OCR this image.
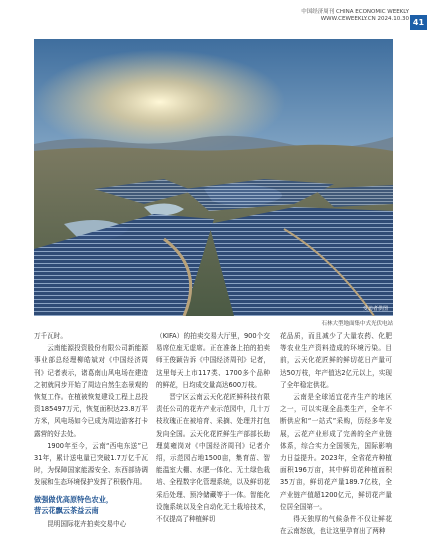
中国经济周刊 CHINA ECONOMIC WEEKLY
WWW.CEWEEKLY.CN 2024.10.30 41
受访者供图
石林大型地面集中式光伏电站

万千瓦时。

云南能源投资股份有限公司新能源事业部总经理柳皓斌对《中国经济周刊》记者表示，诸葛南山风电场在建造之初就同步开始了周边自然生态景观的恢复工作。在植被恢复建设工程上总投资185497万元，恢复面积达23.8万平方米，风电场如今已成为周边游客打卡露营的好去处。

1900年至今，云南“西电东送”已31年，累计送电量已突破1.7万亿千瓦时，为保障国家能源安全、东西部协调发展和生态环境保护发挥了积极作用。

做强做优高原特色农业，
营云花飘云茶益云南

昆明国际花卉拍卖交易中心

（KIFA）的拍卖交易大厅里，900个交易席位座无虚席。正在准备上拍的拍卖师王俊颖告诉《中国经济周刊》记者，这里每天上市117类、1700多个品种的鲜花，日均成交量高达600万枝。

晋宁区云南云天化花匠鲜科技有限责任公司的花卉产业示范园中，几十万枝玫瑰正在被培育、采摘、处理并打包发向全国。云天化花匠鲜生产部部长助理莫雍岗对《中国经济周刊》记者介绍，示范园占地1500亩，集育苗、智能温室大棚、水肥一体化、无土绿色栽培、全程数字化管理系统，以及鲜切花采后处理、预冷储藏等于一体。智能化设施系统以及全自动化无土栽培技术，不仅提高了种植鲜切

花品质，而且减少了大量农药、化肥等农业生产资料造成的环境污染。目前，云天化花匠鲜的鲜切花日产量可达50万枝，年产值达2亿元以上，实现了全年稳定供花。

云南是全球适宜花卉生产的地区之一，可以实现全品类生产，全年不断供应和“一站式”采购，历经多年发展，云花产业形成了完善的全产业链体系，综合实力全国领先，国际影响力日益提升。2023年，全省花卉种植面积196万亩，其中鲜切花种植面积35万亩，鲜切花产量189.7亿枝，全产业链产值超1200亿元，鲜切花产量位居全国第一。

得天独厚的气候条件不仅让鲜花在云南怒放，也让这里孕育出了两种
